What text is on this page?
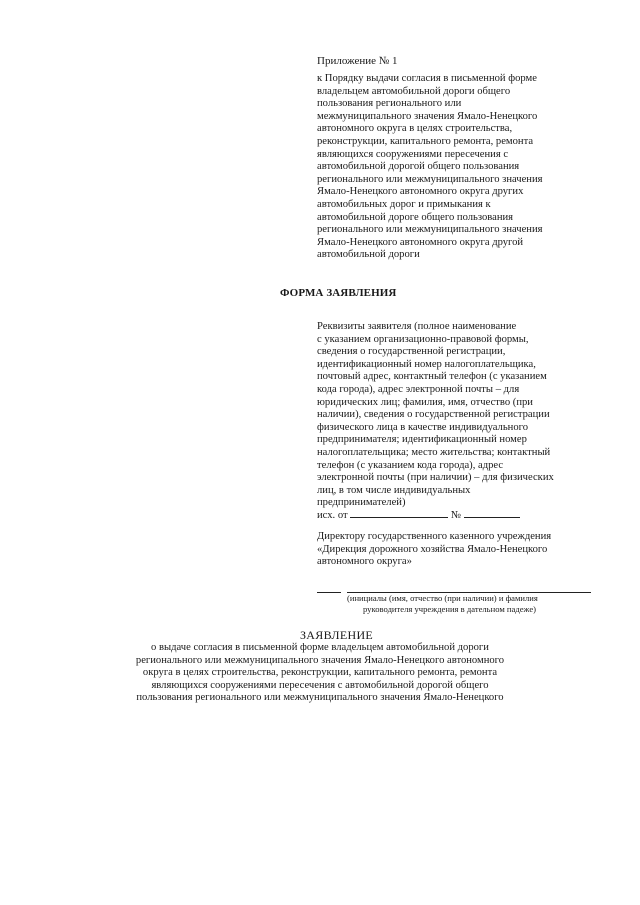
Приложение № 1
к Порядку выдачи согласия в письменной форме
владельцем автомобильной дороги общего
пользования регионального или
межмуниципального значения Ямало-Ненецкого
автономного округа в целях строительства,
реконструкции, капитального ремонта, ремонта
являющихся сооружениями пересечения с
автомобильной дорогой общего пользования
регионального или межмуниципального значения
Ямало-Ненецкого автономного округа других
автомобильных дорог и примыкания к
автомобильной дороге общего пользования
регионального или межмуниципального значения
Ямало-Ненецкого автономного округа другой
автомобильной дороги
ФОРМА ЗАЯВЛЕНИЯ
Реквизиты заявителя (полное наименование
с указанием организационно-правовой формы,
сведения о государственной регистрации,
идентификационный номер налогоплательщика,
почтовый адрес, контактный телефон (с указанием
кода города), адрес электронной почты – для
юридических лиц; фамилия, имя, отчество (при
наличии), сведения о государственной регистрации
физического лица в качестве индивидуального
предпринимателя; идентификационный номер
налогоплательщика; место жительства; контактный
телефон (с указанием кода города), адрес
электронной почты (при наличии) – для физических
лиц, в том числе индивидуальных
предпринимателей)
исх. от	№
Директору государственного казенного учреждения
«Дирекция дорожного хозяйства Ямало-Ненецкого
автономного округа»
(инициалы (имя, отчество (при наличии) и фамилия
руководителя учреждения в дательном падеже)
ЗАЯВЛЕНИЕ
о выдаче согласия в письменной форме владельцем автомобильной дороги
регионального или межмуниципального значения Ямало-Ненецкого автономного
округа в целях строительства, реконструкции, капитального ремонта, ремонта
являющихся сооружениями пересечения с автомобильной дорогой общего
пользования регионального или межмуниципального значения Ямало-Ненецкого
